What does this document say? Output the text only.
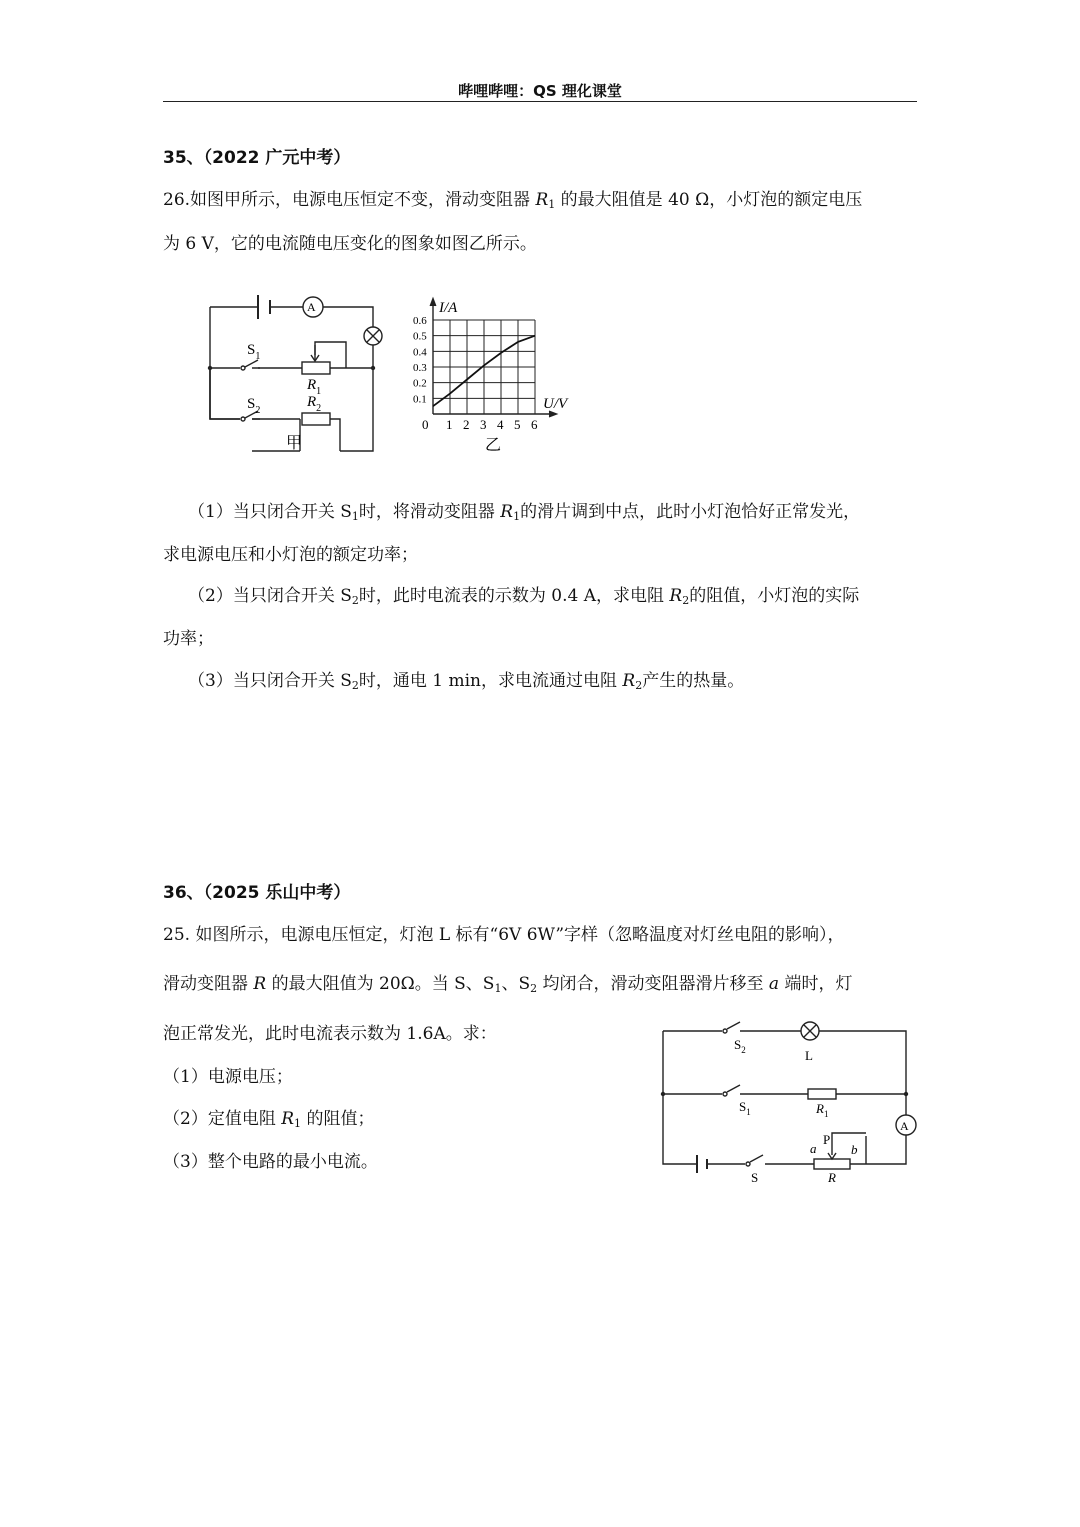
哔哩哔哩：QS 理化课堂
35、（2022 广元中考）
26.如图甲所示，电源电压恒定不变，滑动变阻器 $R_1$ 的最大阻值是 40 Ω，小灯泡的额定电压
为 6 V，它的电流随电压变化的图象如图乙所示。
A
$S_1$
$R_1$
$S_2$
$R_2$
甲
1 2 3 4 5 6
0.1
0.2
0.3
0.4
0.5
0.6
I/A
U/V
0
乙
（1）当只闭合开关 $S_1$时，将滑动变阻器 $R_1$的滑片调到中点，此时小灯泡恰好正常发光，
求电源电压和小灯泡的额定功率；
（2）当只闭合开关 $S_2$时，此时电流表的示数为 0.4 A，求电阻 $R_2$的阻值，小灯泡的实际
功率；
（3）当只闭合开关 $S_2$时，通电 1 min，求电流通过电阻 $R_2$产生的热量。
36、（2025 乐山中考）
25. 如图所示，电源电压恒定，灯泡 L 标有“6V 6W”字样（忽略温度对灯丝电阻的影响），
滑动变阻器 R 的最大阻值为 20Ω。当 S、$S_1$、$S_2$ 均闭合，滑动变阻器滑片移至 a 端时，灯
泡正常发光，此时电流表示数为 1.6A。求：
（1）电源电压；
（2）定值电阻 $R_1$ 的阻值；
（3）整个电路的最小电流。
A
$S_2$	L
$S_1$	$R_1$
P
a	b
S	R
